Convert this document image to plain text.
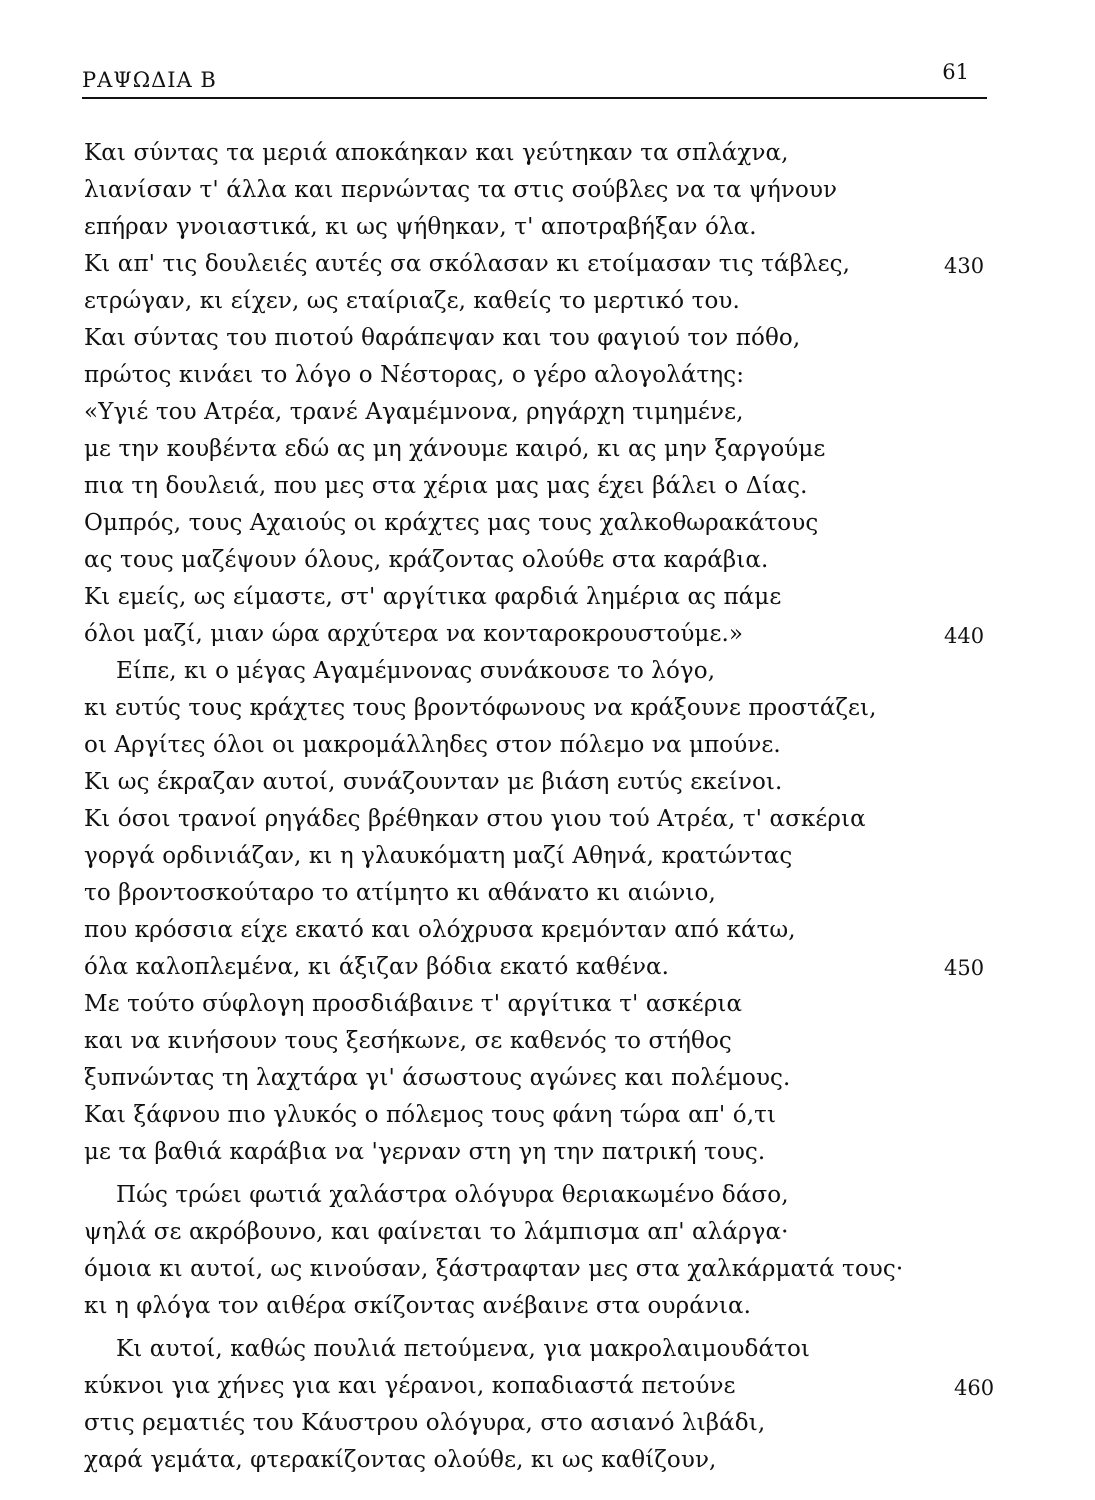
ΡΑΨΩΔΙΑ Β	61
Και σύντας τα μεριά αποκάηκαν και γεύτηκαν τα σπλάχνα,
λιανίσαν τ' άλλα και περνώντας τα στις σούβλες να τα ψήνουν
επήραν γνοιαστικά, κι ως ψήθηκαν, τ' αποτραβήξαν όλα.
Κι απ' τις δουλειές αυτές σα σκόλασαν κι ετοίμασαν τις τάβλες,
ετρώγαν, κι είχεν, ως εταίριαζε, καθείς το μερτικό του.
Και σύντας του πιοτού θαράπεψαν και του φαγιού τον πόθο,
πρώτος κινάει το λόγο ο Νέστορας, ο γέρο αλογολάτης:
«Υγιέ του Ατρέα, τρανέ Αγαμέμνονα, ρηγάρχη τιμημένε,
με την κουβέντα εδώ ας μη χάνουμε καιρό, κι ας μην ξαργούμε
πια τη δουλειά, που μες στα χέρια μας μας έχει βάλει ο Δίας.
Ομπρός, τους Αχαιούς οι κράχτες μας τους χαλκοθωρακάτους
ας τους μαζέψουν όλους, κράζοντας ολούθε στα καράβια.
Κι εμείς, ως είμαστε, στ' αργίτικα φαρδιά λημέρια ας πάμε
όλοι μαζί, μιαν ώρα αρχύτερα να κονταροκρουστούμε.»
Είπε, κι ο μέγας Αγαμέμνονας συνάκουσε το λόγο,
κι ευτύς τους κράχτες τους βροντόφωνους να κράξουνε προστάζει,
οι Αργίτες όλοι οι μακρομάλληδες στον πόλεμο να μπούνε.
Κι ως έκραζαν αυτοί, συνάζουνταν με βιάση ευτύς εκείνοι.
Κι όσοι τρανοί ρηγάδες βρέθηκαν στου γιου τού Ατρέα, τ' ασκέρια
γοργά ορδινιάζαν, κι η γλαυκόματη μαζί Αθηνά, κρατώντας
το βροντοσκούταρο το ατίμητο κι αθάνατο κι αιώνιο,
που κρόσσια είχε εκατό και ολόχρυσα κρεμόνταν από κάτω,
όλα καλοπλεμένα, κι άξιζαν βόδια εκατό καθένα.
Με τούτο σύφλογη προσδιάβαινε τ' αργίτικα τ' ασκέρια
και να κινήσουν τους ξεσήκωνε, σε καθενός το στήθος
ξυπνώντας τη λαχτάρα γι' άσωστους αγώνες και πολέμους.
Και ξάφνου πιο γλυκός ο πόλεμος τους φάνη τώρα απ' ό,τι
με τα βαθιά καράβια να 'γερναν στη γη την πατρική τους.
Πώς τρώει φωτιά χαλάστρα ολόγυρα θεριακωμένο δάσο,
ψηλά σε ακρόβουνο, και φαίνεται το λάμπισμα απ' αλάργα·
όμοια κι αυτοί, ως κινούσαν, ξάστραφταν μες στα χαλκάρματά τους·
κι η φλόγα τον αιθέρα σκίζοντας ανέβαινε στα ουράνια.
Κι αυτοί, καθώς πουλιά πετούμενα, για μακρολαιμουδάτοι
κύκνοι για χήνες για και γέρανοι, κοπαδιαστά πετούνε
στις ρεματιές του Κάυστρου ολόγυρα, στο ασιανό λιβάδι,
χαρά γεμάτα, φτερακίζοντας ολούθε, κι ως καθίζουν,
430
440
450
460
